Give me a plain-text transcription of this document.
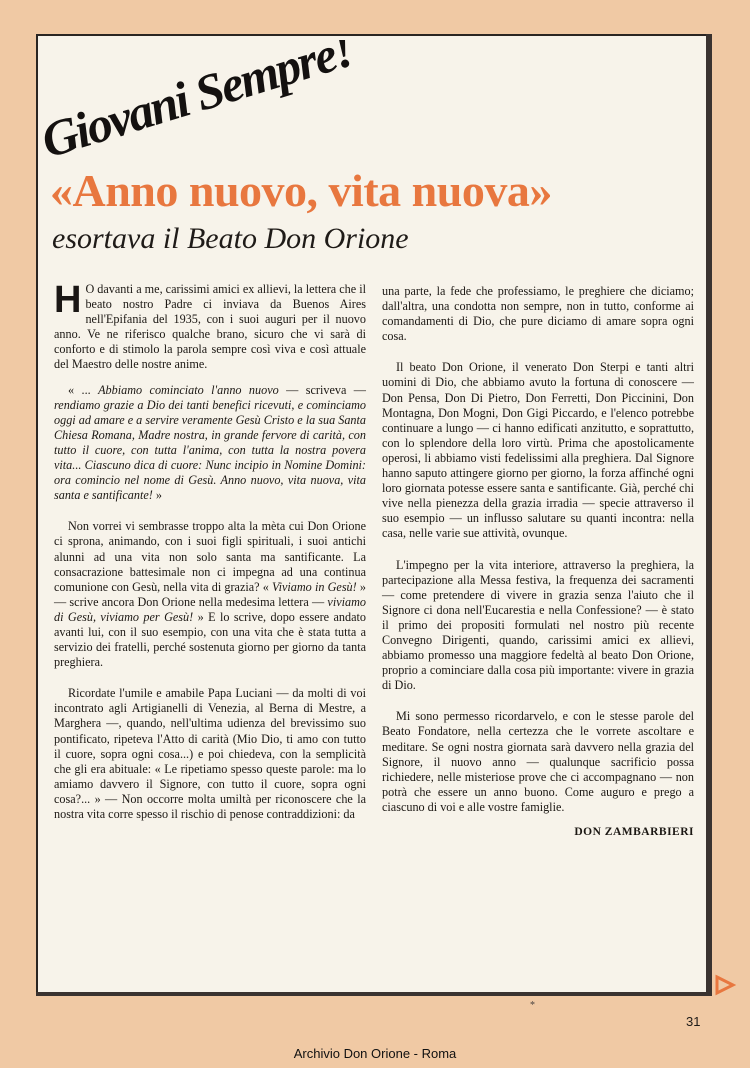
Giovani Sempre!
«Anno nuovo, vita nuova»
esortava il Beato Don Orione

H O davanti a me, carissimi amici ex allievi, la lettera che il beato nostro Padre ci inviava da Buenos Aires nell'Epifania del 1935, con i suoi auguri per il nuovo anno. Ve ne riferisco qualche brano, sicuro che vi sarà di conforto e di stimolo la parola sempre così viva e così attuale del Maestro delle nostre anime.

« ... Abbiamo cominciato l'anno nuovo — scriveva — rendiamo grazie a Dio dei tanti benefici ricevuti, e cominciamo oggi ad amare e a servire veramente Gesù Cristo e la sua Santa Chiesa Romana, Madre nostra, in grande fervore di carità, con tutto il cuore, con tutta l'anima, con tutta la nostra povera vita... Ciascuno dica di cuore: Nunc incipio in Nomine Domini: ora comincio nel nome di Gesù. Anno nuovo, vita nuova, vita santa e santificante! »

Non vorrei vi sembrasse troppo alta la mèta cui Don Orione ci sprona, animando, con i suoi figli spirituali, i suoi antichi alunni ad una vita non solo santa ma santificante. La consacrazione battesimale non ci impegna ad una continua comunione con Gesù, nella vita di grazia? « Viviamo in Gesù! » — scrive ancora Don Orione nella medesima lettera — viviamo di Gesù, viviamo per Gesù! » E lo scrive, dopo essere andato avanti lui, con il suo esempio, con una vita che è stata tutta a servizio dei fratelli, perché sostenuta giorno per giorno da tanta preghiera.

Ricordate l'umile e amabile Papa Luciani — da molti di voi incontrato agli Artigianelli di Venezia, al Berna di Mestre, a Marghera —, quando, nell'ultima udienza del brevissimo suo pontificato, ripeteva l'Atto di carità (Mio Dio, ti amo con tutto il cuore, sopra ogni cosa...) e poi chiedeva, con la semplicità che gli era abituale: « Le ripetiamo spesso queste parole: ma lo amiamo davvero il Signore, con tutto il cuore, sopra ogni cosa?... » — Non occorre molta umiltà per riconoscere che la nostra vita corre spesso il rischio di penose contraddizioni: da

una parte, la fede che professiamo, le preghiere che diciamo; dall'altra, una condotta non sempre, non in tutto, conforme ai comandamenti di Dio, che pure diciamo di amare sopra ogni cosa.

Il beato Don Orione, il venerato Don Sterpi e tanti altri uomini di Dio, che abbiamo avuto la fortuna di conoscere — Don Pensa, Don Di Pietro, Don Ferretti, Don Piccinini, Don Montagna, Don Mogni, Don Gigi Piccardo, e l'elenco potrebbe continuare a lungo — ci hanno edificati anzitutto, e soprattutto, con lo splendore della loro virtù. Prima che apostolicamente operosi, li abbiamo visti fedelissimi alla preghiera. Dal Signore hanno saputo attingere giorno per giorno, la forza affinché ogni loro giornata potesse essere santa e santificante. Già, perché chi vive nella pienezza della grazia irradia — specie attraverso il suo esempio — un influsso salutare su quanti incontra: nella casa, nelle varie sue attività, ovunque.

L'impegno per la vita interiore, attraverso la preghiera, la partecipazione alla Messa festiva, la frequenza dei sacramenti — come pretendere di vivere in grazia senza l'aiuto che il Signore ci dona nell'Eucarestia e nella Confessione? — è stato il primo dei propositi formulati nel nostro più recente Convegno Dirigenti, quando, carissimi amici ex allievi, abbiamo promesso una maggiore fedeltà al beato Don Orione, proprio a cominciare dalla cosa più importante: vivere in grazia di Dio.

Mi sono permesso ricordarvelo, e con le stesse parole del Beato Fondatore, nella certezza che le vorrete ascoltare e meditare. Se ogni nostra giornata sarà davvero nella grazia del Signore, il nuovo anno — qualunque sacrificio possa richiedere, nelle misteriose prove che ci accompagnano — non potrà che essere un anno buono. Come auguro e prego a ciascuno di voi e alle vostre famiglie.

DON ZAMBARBIERI

*
31
Archivio Don Orione - Roma
